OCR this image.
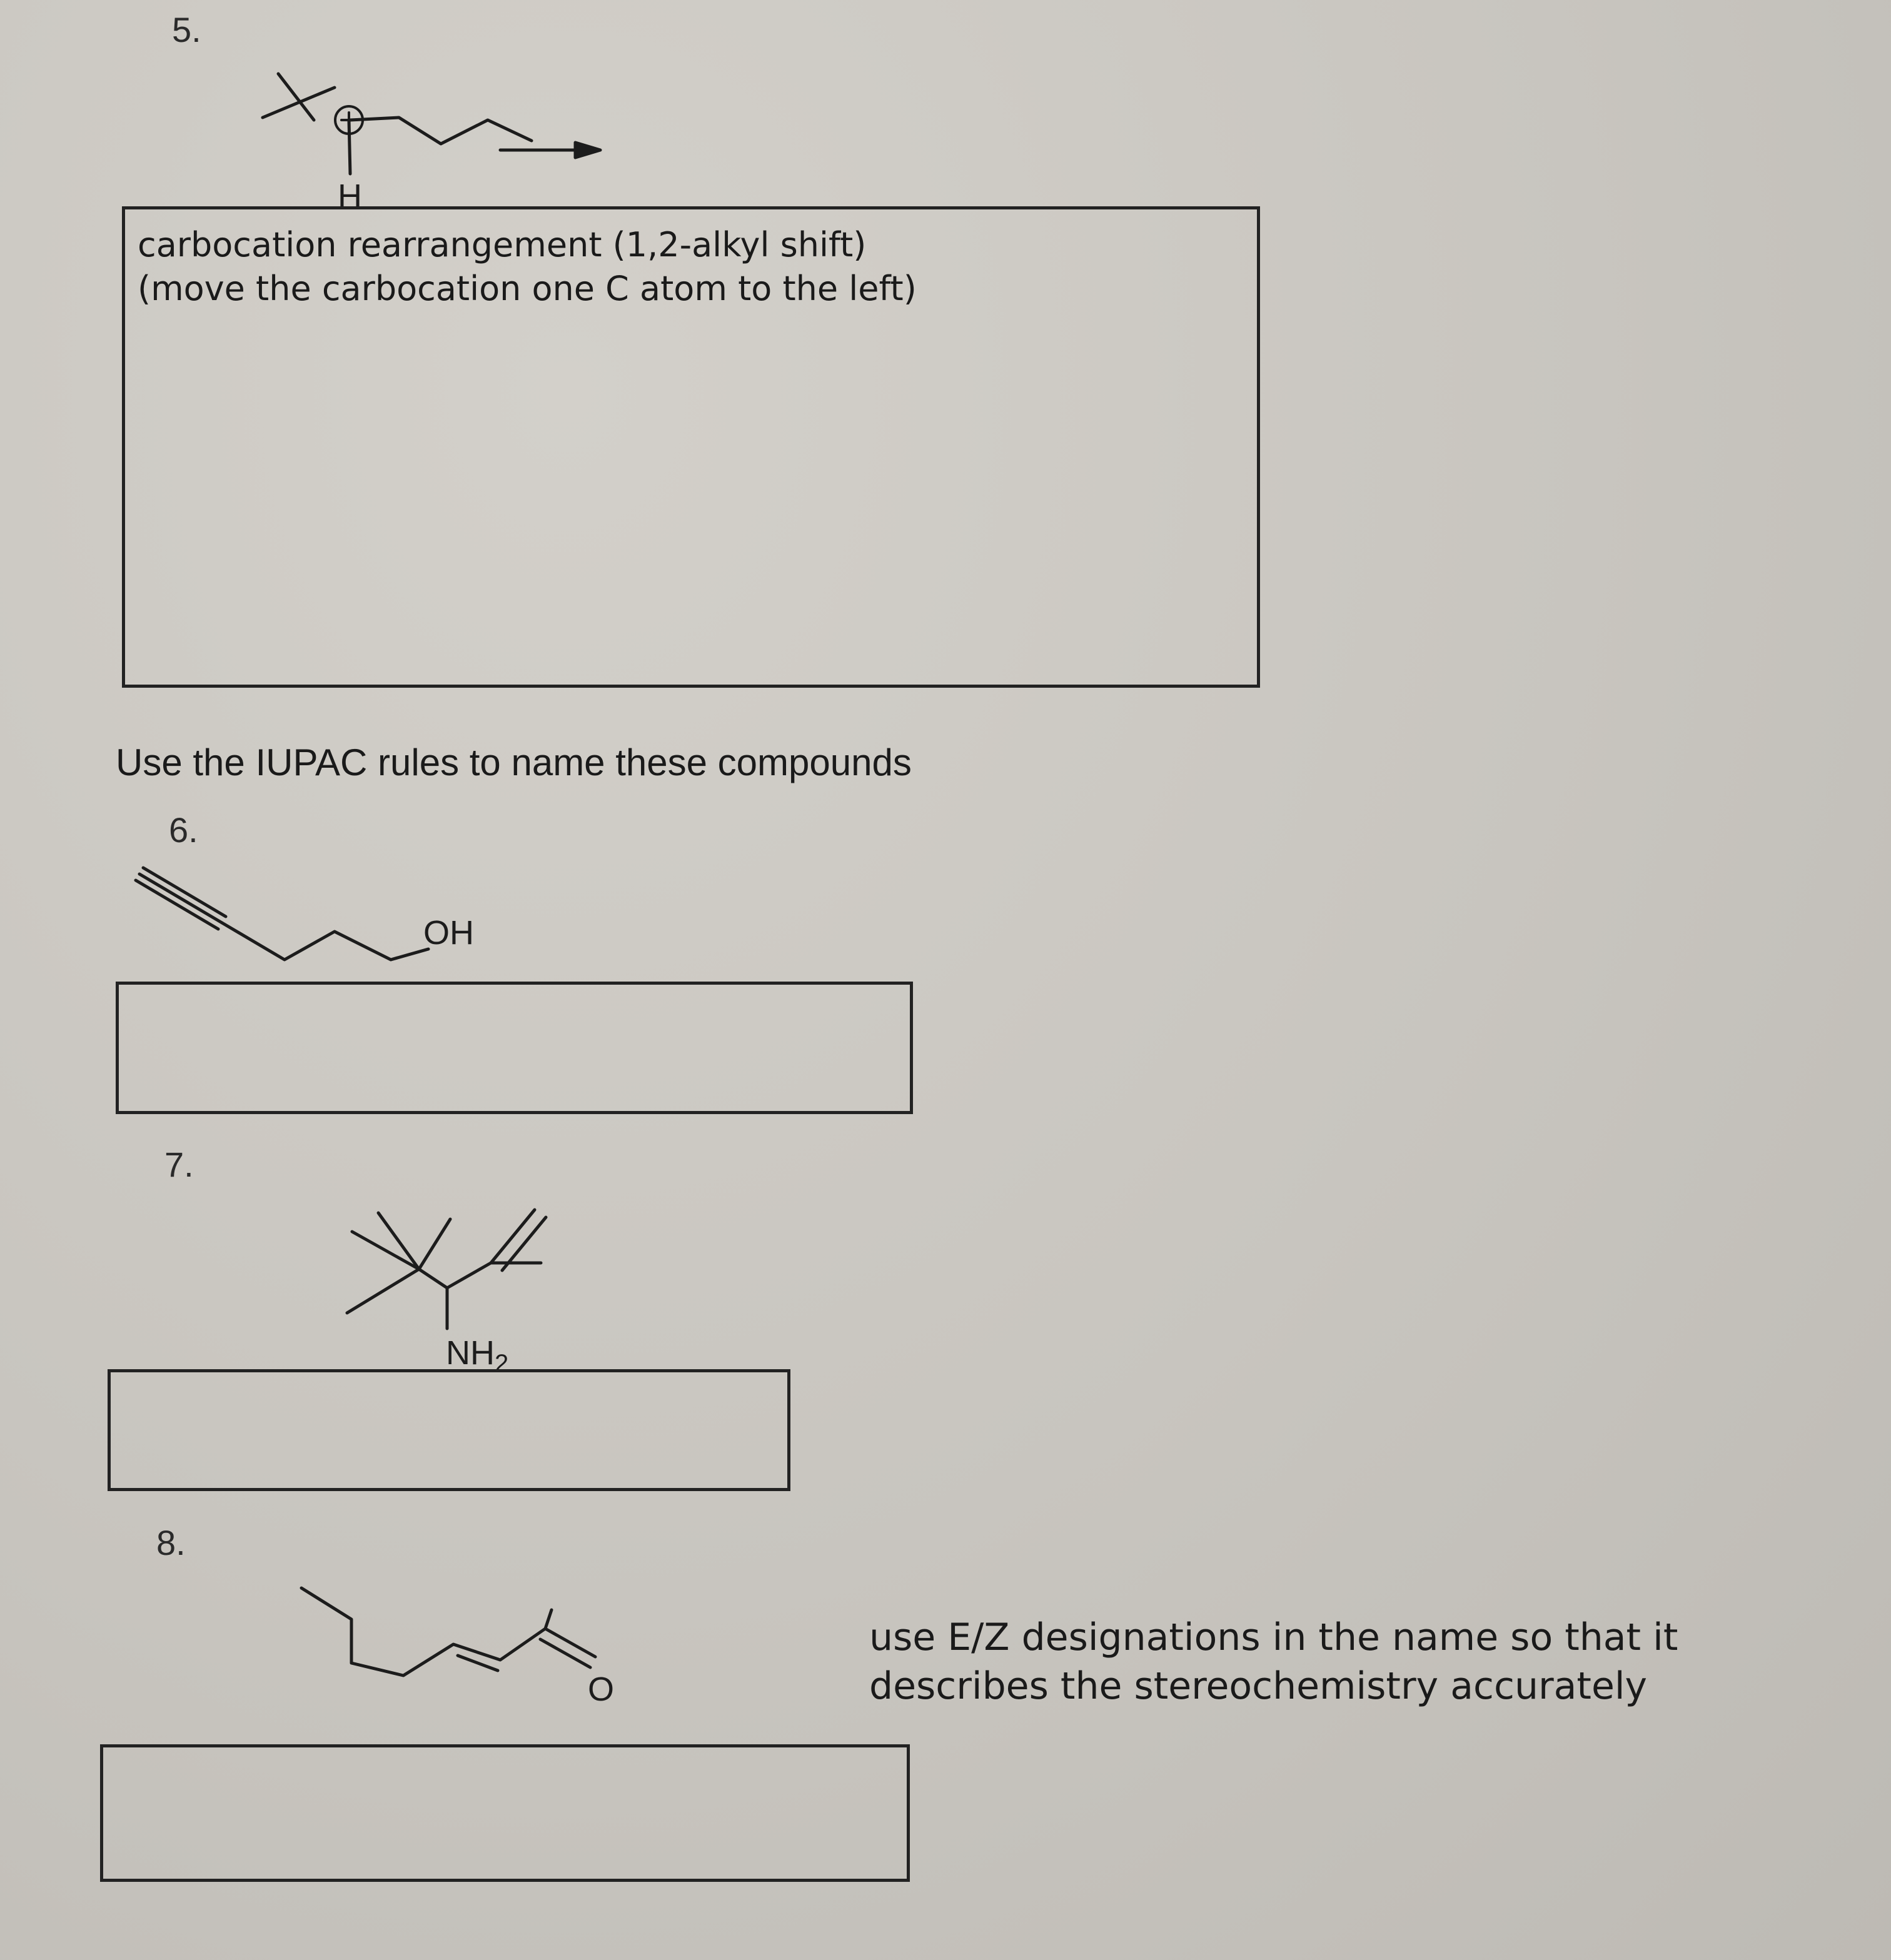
5.
H
carbocation rearrangement (1,2-alkyl shift)
(move the carbocation one C atom to the left)
Use the IUPAC rules to name these compounds
6.
OH
7.
$NH_2$
8.
O
use E/Z designations in the name so that it
describes the stereochemistry accurately
